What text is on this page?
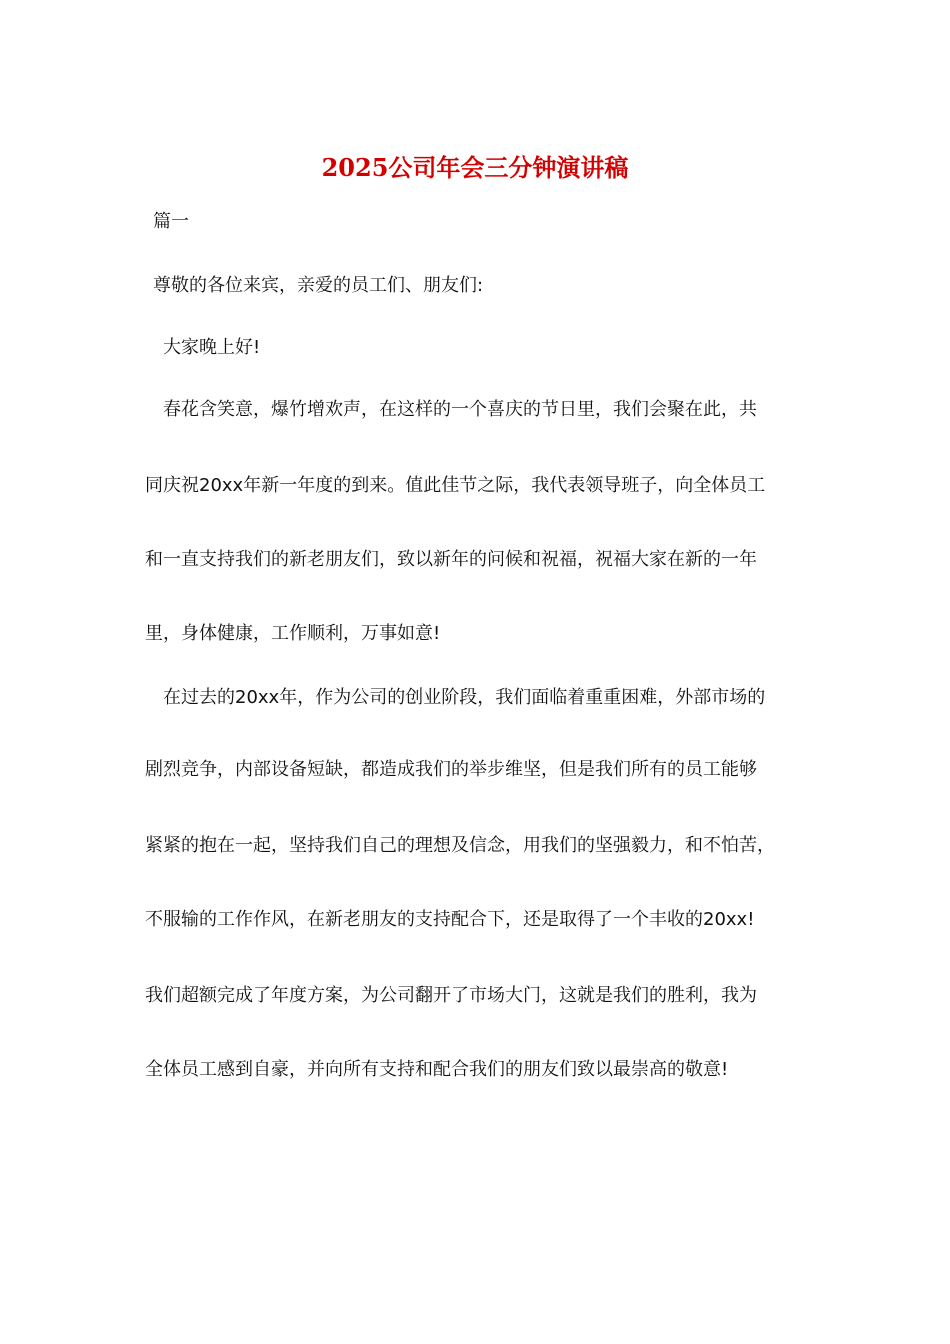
2025公司年会三分钟演讲稿

篇一

尊敬的各位来宾，亲爱的员工们、朋友们:

大家晚上好!

春花含笑意，爆竹增欢声，在这样的一个喜庆的节日里，我们会聚在此，共

同庆祝20xx年新一年度的到来。值此佳节之际，我代表领导班子，向全体员工

和一直支持我们的新老朋友们，致以新年的问候和祝福，祝福大家在新的一年

里，身体健康，工作顺利，万事如意!

在过去的20xx年，作为公司的创业阶段，我们面临着重重困难，外部市场的

剧烈竞争，内部设备短缺，都造成我们的举步维坚，但是我们所有的员工能够

紧紧的抱在一起，坚持我们自己的理想及信念，用我们的坚强毅力，和不怕苦，

不服输的工作作风，在新老朋友的支持配合下，还是取得了一个丰收的20xx!

我们超额完成了年度方案，为公司翻开了市场大门，这就是我们的胜利，我为

全体员工感到自豪，并向所有支持和配合我们的朋友们致以最崇高的敬意!
